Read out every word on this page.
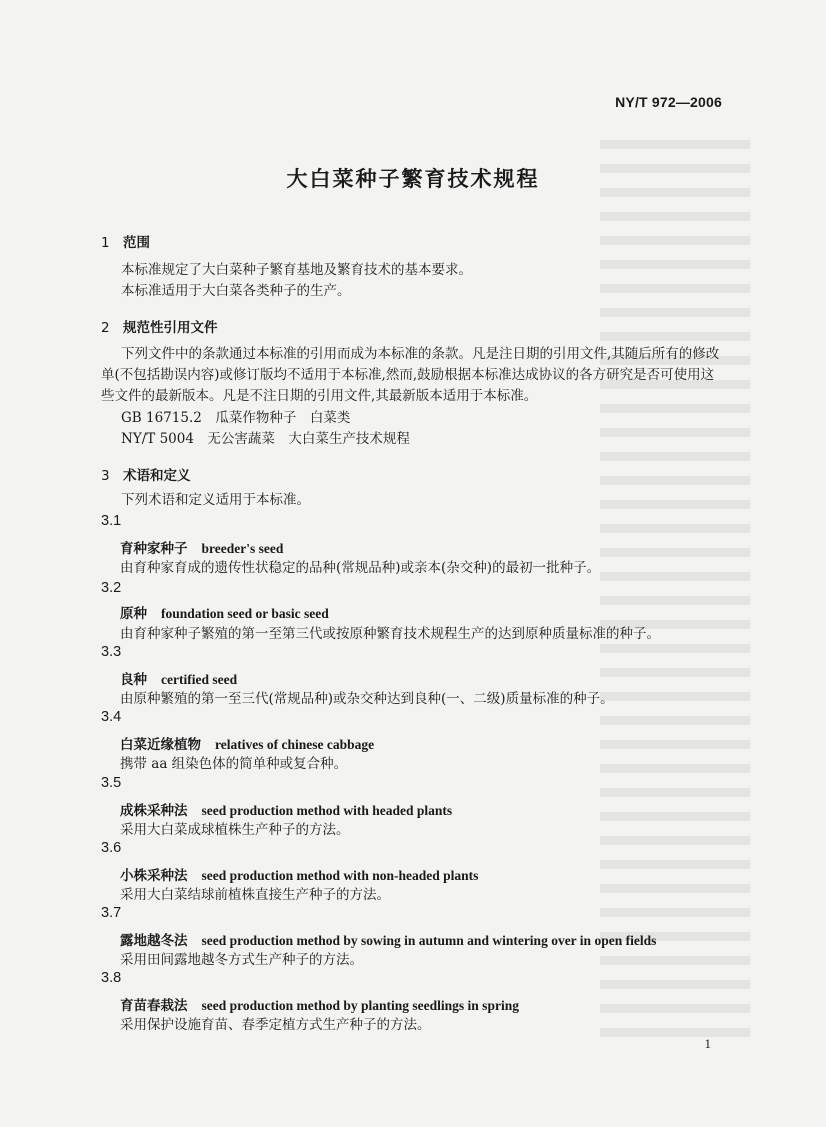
NY/T 972—2006
大白菜种子繁育技术规程
1 范围
本标准规定了大白菜种子繁育基地及繁育技术的基本要求。
本标准适用于大白菜各类种子的生产。
2 规范性引用文件
下列文件中的条款通过本标准的引用而成为本标准的条款。凡是注日期的引用文件,其随后所有的修改单(不包括勘误内容)或修订版均不适用于本标准,然而,鼓励根据本标准达成协议的各方研究是否可使用这些文件的最新版本。凡是不注日期的引用文件,其最新版本适用于本标准。
GB 16715.2　瓜菜作物种子　白菜类
NY/T 5004　无公害蔬菜　大白菜生产技术规程
3 术语和定义
下列术语和定义适用于本标准。
3.1
育种家种子 breeder's seed
由育种家育成的遗传性状稳定的品种(常规品种)或亲本(杂交种)的最初一批种子。
3.2
原种 foundation seed or basic seed
由育种家种子繁殖的第一至第三代或按原种繁育技术规程生产的达到原种质量标准的种子。
3.3
良种 certified seed
由原种繁殖的第一至三代(常规品种)或杂交种达到良种(一、二级)质量标准的种子。
3.4
白菜近缘植物 relatives of chinese cabbage
携带 aa 组染色体的简单种或复合种。
3.5
成株采种法 seed production method with headed plants
采用大白菜成球植株生产种子的方法。
3.6
小株采种法 seed production method with non-headed plants
采用大白菜结球前植株直接生产种子的方法。
3.7
露地越冬法 seed production method by sowing in autumn and wintering over in open fields
采用田间露地越冬方式生产种子的方法。
3.8
育苗春栽法 seed production method by planting seedlings in spring
采用保护设施育苗、春季定植方式生产种子的方法。
1
